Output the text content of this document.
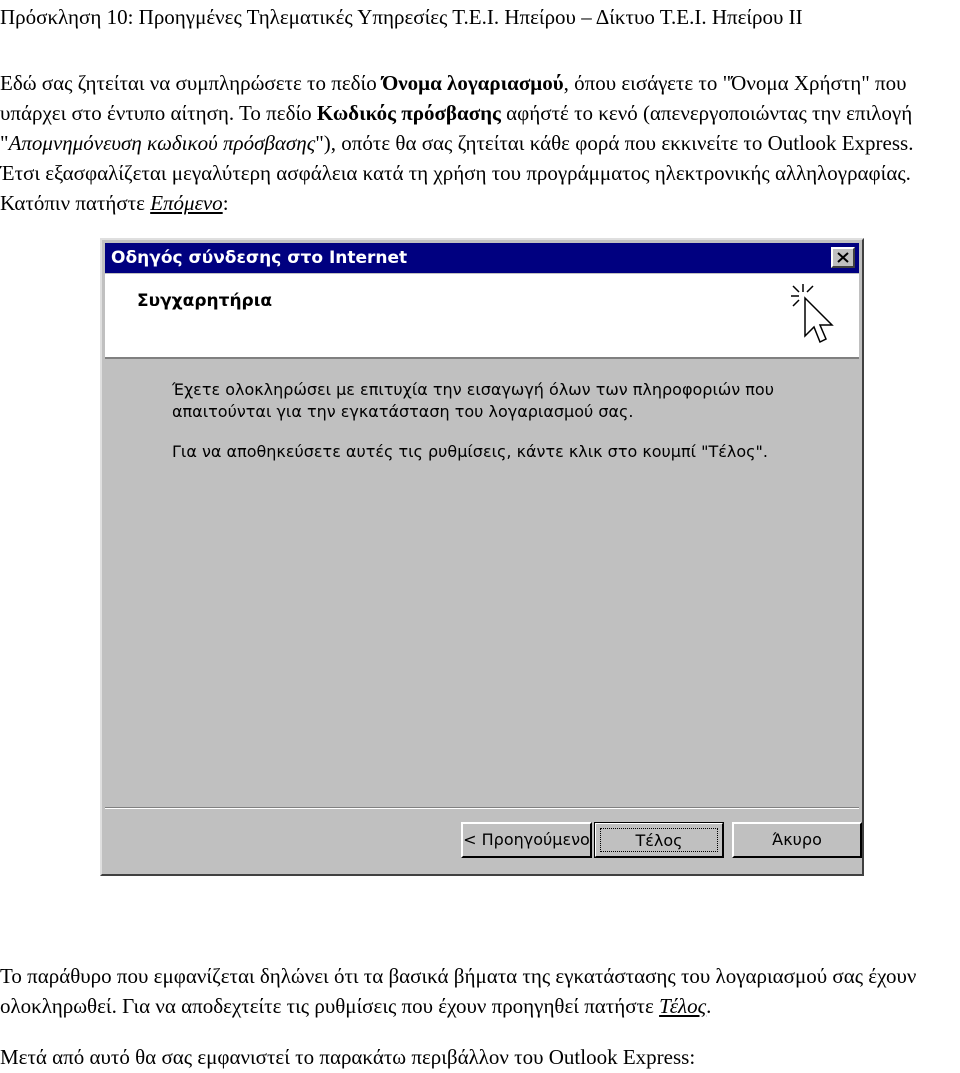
Πρόσκληση 10: Προηγμένες Τηλεματικές Υπηρεσίες Τ.Ε.Ι. Ηπείρου – Δίκτυο Τ.Ε.Ι. Ηπείρου ΙΙ
Εδώ σας ζητείται να συμπληρώσετε το πεδίο Όνομα λογαριασμού, όπου εισάγετε το "Όνομα Χρήστη" που υπάρχει στο έντυπο αίτηση. Το πεδίο Κωδικός πρόσβασης αφήστέ το κενό (απενεργοποιώντας την επιλογή "Απομνημόνευση κωδικού πρόσβασης"), οπότε θα σας ζητείται κάθε φορά που εκκινείτε το Outlook Express. Έτσι εξασφαλίζεται μεγαλύτερη ασφάλεια κατά τη χρήση του προγράμματος ηλεκτρονικής αλληλογραφίας. Κατόπιν πατήστε Επόμενο:
Οδηγός σύνδεσης στο Internet
Συγχαρητήρια
Έχετε ολοκληρώσει με επιτυχία την εισαγωγή όλων των πληροφοριών που απαιτούνται για την εγκατάσταση του λογαριασμού σας.
Για να αποθηκεύσετε αυτές τις ρυθμίσεις, κάντε κλικ στο κουμπί "Τέλος".
< Προηγούμενο	Τέλος	Άκυρο
Το παράθυρο που εμφανίζεται δηλώνει ότι τα βασικά βήματα της εγκατάστασης του λογαριασμού σας έχουν ολοκληρωθεί. Για να αποδεχτείτε τις ρυθμίσεις που έχουν προηγηθεί πατήστε Τέλος.
Μετά από αυτό θα σας εμφανιστεί το παρακάτω περιβάλλον του Outlook Express:
